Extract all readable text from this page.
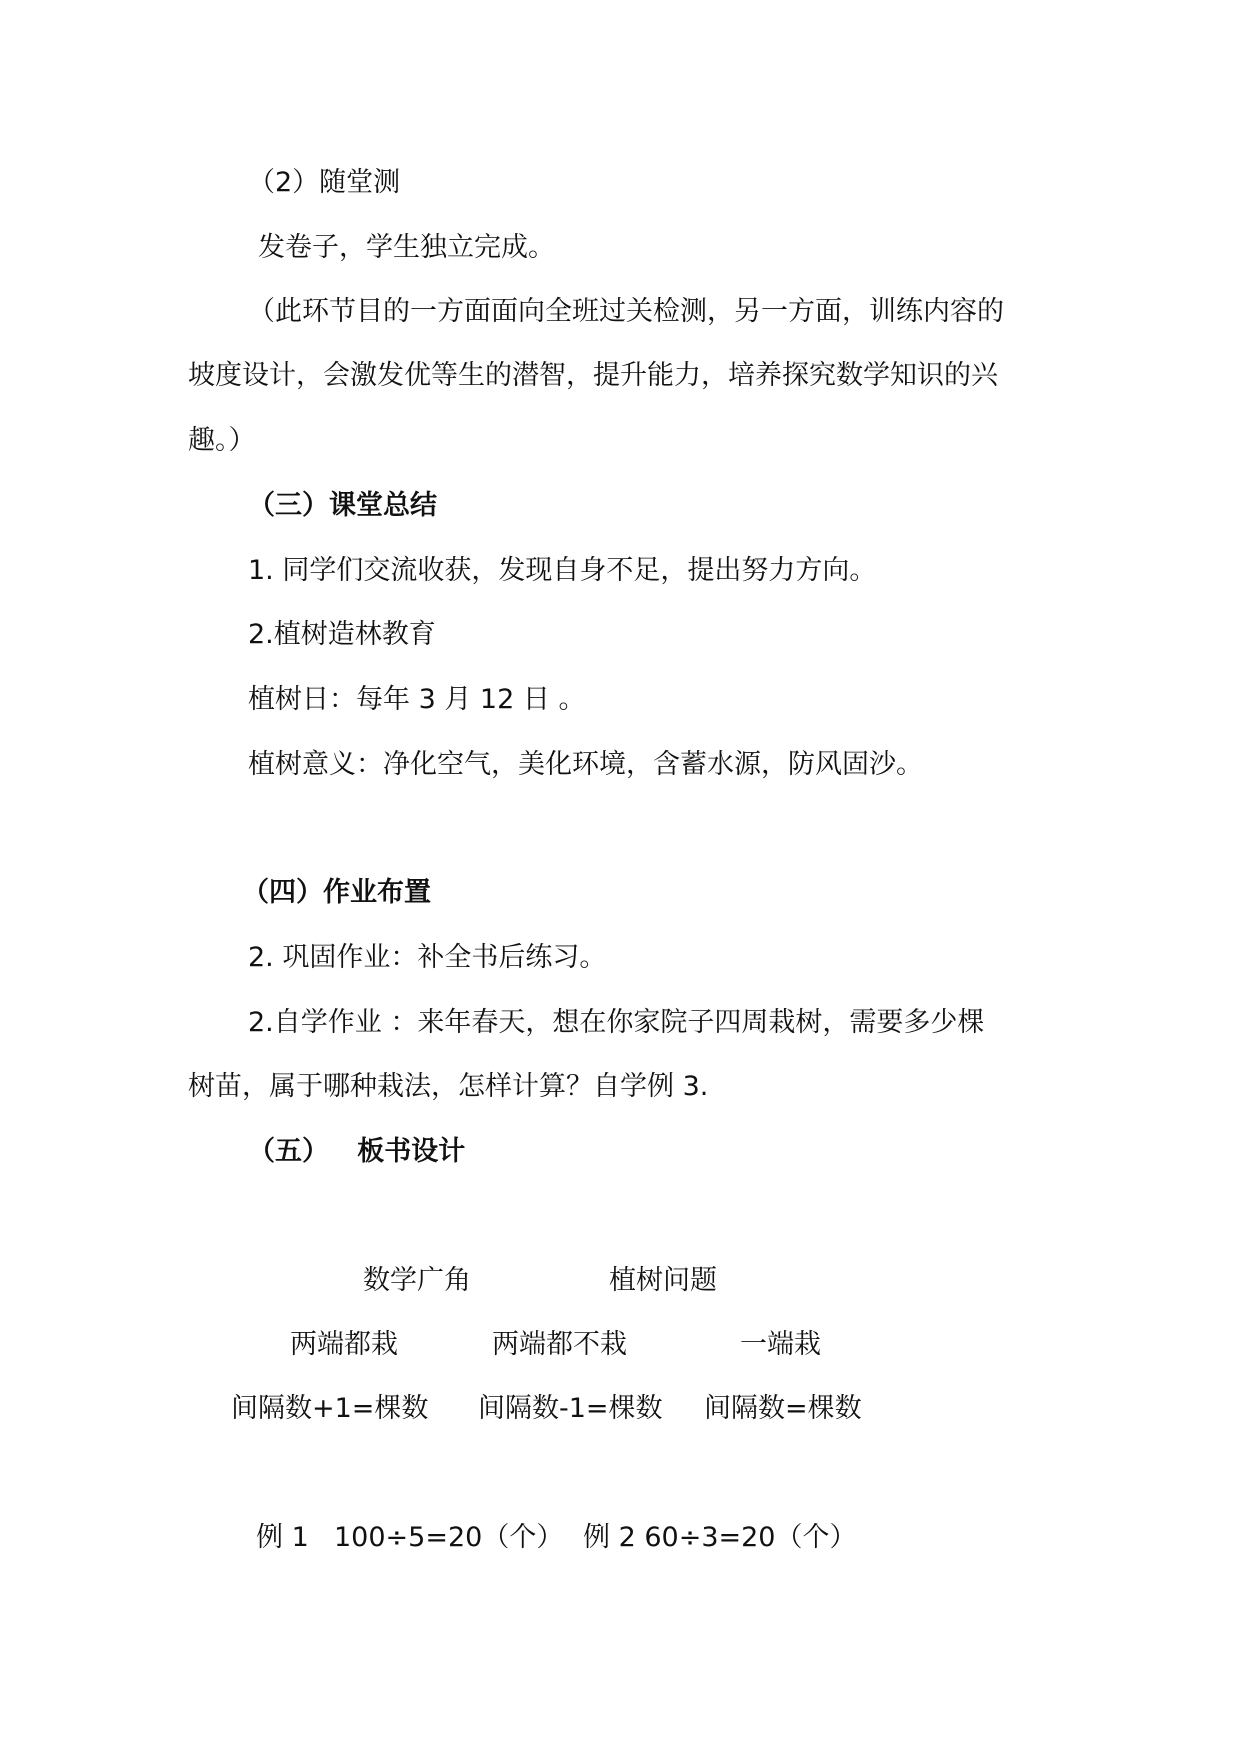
（2）随堂测

发卷子，学生独立完成。

（此环节目的一方面面向全班过关检测，另一方面，训练内容的

坡度设计，会激发优等生的潜智，提升能力，培养探究数学知识的兴

趣。）

（三）课堂总结

1. 同学们交流收获，发现自身不足，提出努力方向。

2.植树造林教育

植树日：每年 3 月 12 日 。

植树意义：净化空气，美化环境，含蓄水源，防风固沙。

（四）作业布置

2. 巩固作业：补全书后练习。

2.自学作业 ：来年春天，想在你家院子四周栽树，需要多少棵

树苗，属于哪种栽法，怎样计算？自学例 3.

（五）   板书设计

数学广角	植树问题

两端都栽	两端都不栽	一端栽

间隔数+1=棵数 间隔数-1=棵数 间隔数=棵数

例 1 100÷5=20（个） 例 2 60÷3=20（个）
